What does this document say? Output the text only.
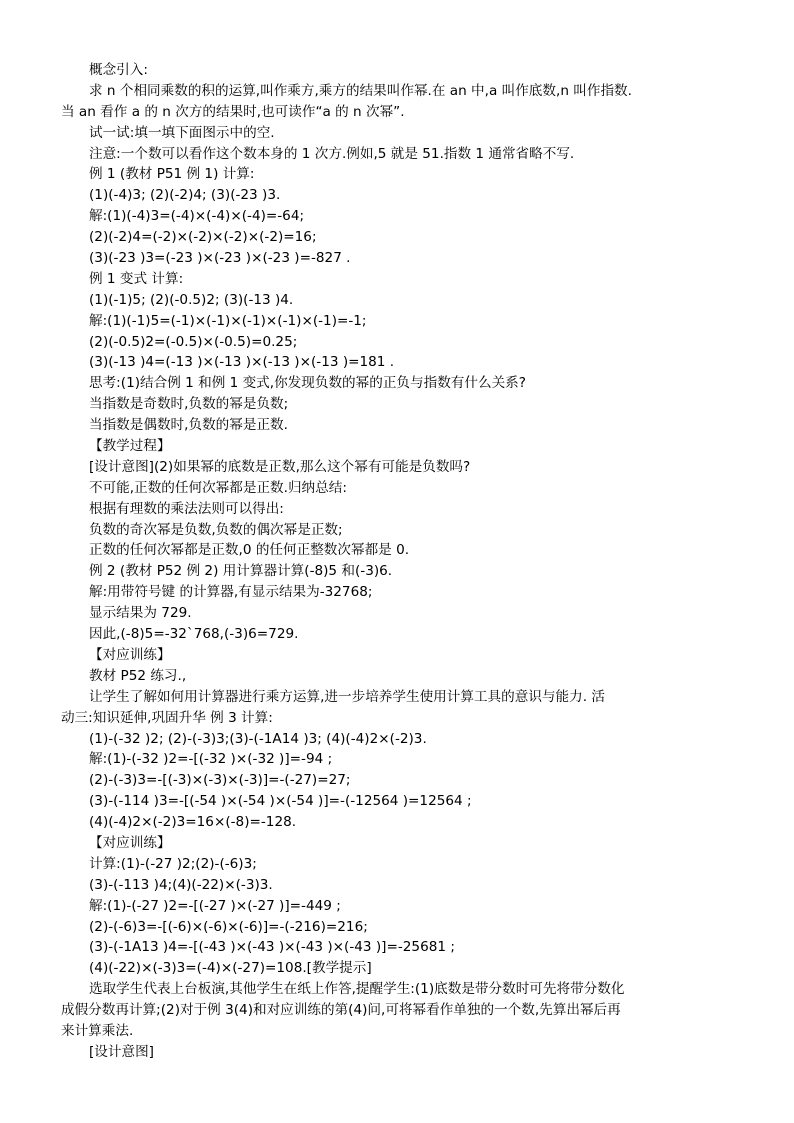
概念引入:
求 n 个相同乘数的积的运算,叫作乘方,乘方的结果叫作幂.在 an 中,a 叫作底数,n 叫作指数.
当 an 看作 a 的 n 次方的结果时,也可读作“a 的 n 次幂”.
试一试:填一填下面图示中的空.
注意:一个数可以看作这个数本身的 1 次方.例如,5 就是 51.指数 1 通常省略不写.
例 1 (教材 P51 例 1) 计算:
(1)(-4)3; (2)(-2)4; (3)(-23 )3.
解:(1)(-4)3=(-4)×(-4)×(-4)=-64;
(2)(-2)4=(-2)×(-2)×(-2)×(-2)=16;
(3)(-23 )3=(-23 )×(-23 )×(-23 )=-827 .
例 1 变式 计算:
(1)(-1)5; (2)(-0.5)2; (3)(-13 )4.
解:(1)(-1)5=(-1)×(-1)×(-1)×(-1)×(-1)=-1;
(2)(-0.5)2=(-0.5)×(-0.5)=0.25;
(3)(-13 )4=(-13 )×(-13 )×(-13 )×(-13 )=181 .
思考:(1)结合例 1 和例 1 变式,你发现负数的幂的正负与指数有什么关系?
当指数是奇数时,负数的幂是负数;
当指数是偶数时,负数的幂是正数.
【教学过程】
[设计意图](2)如果幂的底数是正数,那么这个幂有可能是负数吗?
不可能,正数的任何次幂都是正数.归纳总结:
根据有理数的乘法法则可以得出:
负数的奇次幂是负数,负数的偶次幂是正数;
正数的任何次幂都是正数,0 的任何正整数次幂都是 0.
例 2 (教材 P52 例 2) 用计算器计算(-8)5 和(-3)6.
解:用带符号键 的计算器,有显示结果为-32768;
显示结果为 729.
因此,(-8)5=-32`768,(-3)6=729.
【对应训练】
教材 P52 练习.,
让学生了解如何用计算器进行乘方运算,进一步培养学生使用计算工具的意识与能力. 活
动三:知识延伸,巩固升华 例 3 计算:
(1)-(-32 )2; (2)-(-3)3;(3)-(-1A14 )3; (4)(-4)2×(-2)3.
解:(1)-(-32 )2=-[(-32 )×(-32 )]=-94 ;
(2)-(-3)3=-[(-3)×(-3)×(-3)]=-(-27)=27;
(3)-(-114 )3=-[(-54 )×(-54 )×(-54 )]=-(-12564 )=12564 ;
(4)(-4)2×(-2)3=16×(-8)=-128.
【对应训练】
计算:(1)-(-27 )2;(2)-(-6)3;
(3)-(-113 )4;(4)(-22)×(-3)3.
解:(1)-(-27 )2=-[(-27 )×(-27 )]=-449 ;
(2)-(-6)3=-[(-6)×(-6)×(-6)]=-(-216)=216;
(3)-(-1A13 )4=-[(-43 )×(-43 )×(-43 )×(-43 )]=-25681 ;
(4)(-22)×(-3)3=(-4)×(-27)=108.[教学提示]
选取学生代表上台板演,其他学生在纸上作答,提醒学生:(1)底数是带分数时可先将带分数化
成假分数再计算;(2)对于例 3(4)和对应训练的第(4)问,可将幂看作单独的一个数,先算出幂后再
来计算乘法.
[设计意图]
